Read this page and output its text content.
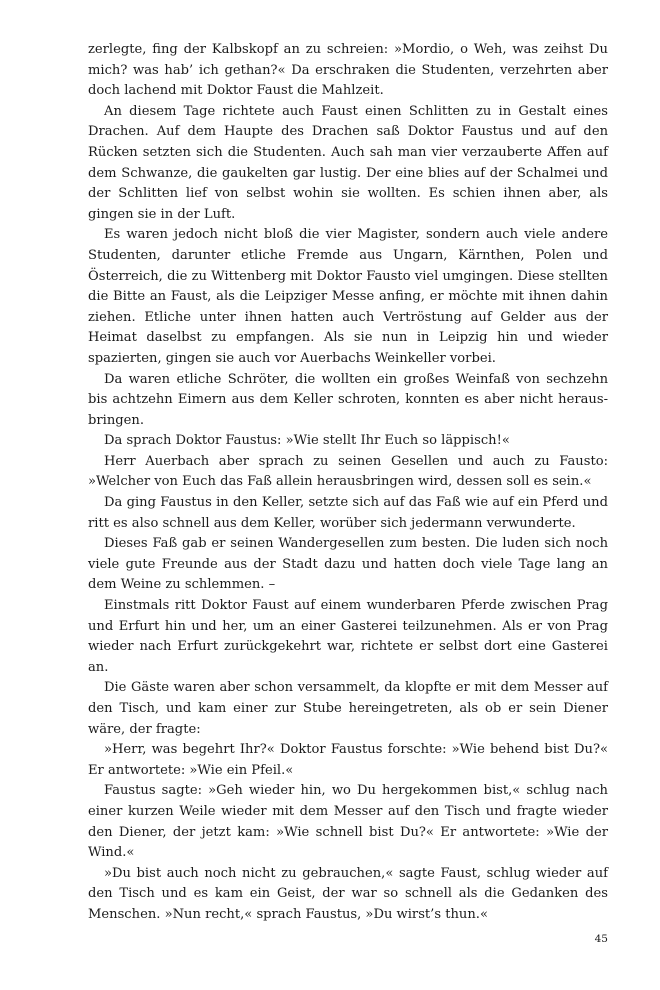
zerlegte, fing der Kalbskopf an zu schreien: »Mordio, o Weh, was zeihst Du mich? was hab’ ich gethan?« Da erschraken die Studenten, verzehrten aber doch lachend mit Doktor Faust die Mahlzeit.

An diesem Tage richtete auch Faust einen Schlitten zu in Gestalt eines Drachen. Auf dem Haupte des Drachen saß Doktor Faustus und auf den Rücken setzten sich die Studenten. Auch sah man vier verzauberte Affen auf dem Schwanze, die gaukelten gar lustig. Der eine blies auf der Schalmei und der Schlitten lief von selbst wohin sie wollten. Es schien ihnen aber, als gingen sie in der Luft.

Es waren jedoch nicht bloß die vier Magister, sondern auch viele andere Studenten, darunter etliche Fremde aus Ungarn, Kärnthen, Polen und Österreich, die zu Wittenberg mit Doktor Fausto viel umgingen. Diese stellten die Bitte an Faust, als die Leipziger Messe anfing, er möchte mit ihnen dahin ziehen. Etliche unter ihnen hatten auch Vertröstung auf Gelder aus der Heimat daselbst zu empfangen. Als sie nun in Leipzig hin und wieder spazierten, gingen sie auch vor Auerbachs Weinkeller vorbei.

Da waren etliche Schröter, die wollten ein großes Weinfaß von sechzehn bis achtzehn Eimern aus dem Keller schroten, konnten es aber nicht heraus-bringen.

Da sprach Doktor Faustus: »Wie stellt Ihr Euch so läppisch!«

Herr Auerbach aber sprach zu seinen Gesellen und auch zu Fausto: »Welcher von Euch das Faß allein herausbringen wird, dessen soll es sein.«

Da ging Faustus in den Keller, setzte sich auf das Faß wie auf ein Pferd und ritt es also schnell aus dem Keller, worüber sich jedermann verwunderte.

Dieses Faß gab er seinen Wandergesellen zum besten. Die luden sich noch viele gute Freunde aus der Stadt dazu und hatten doch viele Tage lang an dem Weine zu schlemmen. –

Einstmals ritt Doktor Faust auf einem wunderbaren Pferde zwischen Prag und Erfurt hin und her, um an einer Gasterei teilzunehmen. Als er von Prag wieder nach Erfurt zurückgekehrt war, richtete er selbst dort eine Gasterei an.

Die Gäste waren aber schon versammelt, da klopfte er mit dem Messer auf den Tisch, und kam einer zur Stube hereingetreten, als ob er sein Diener wäre, der fragte:

»Herr, was begehrt Ihr?« Doktor Faustus forschte: »Wie behend bist Du?« Er antwortete: »Wie ein Pfeil.«

Faustus sagte: »Geh wieder hin, wo Du hergekommen bist,« schlug nach einer kurzen Weile wieder mit dem Messer auf den Tisch und fragte wieder den Diener, der jetzt kam: »Wie schnell bist Du?« Er antwortete: »Wie der Wind.«

»Du bist auch noch nicht zu gebrauchen,« sagte Faust, schlug wieder auf den Tisch und es kam ein Geist, der war so schnell als die Gedanken des Menschen. »Nun recht,« sprach Faustus, »Du wirst’s thun.«

45
